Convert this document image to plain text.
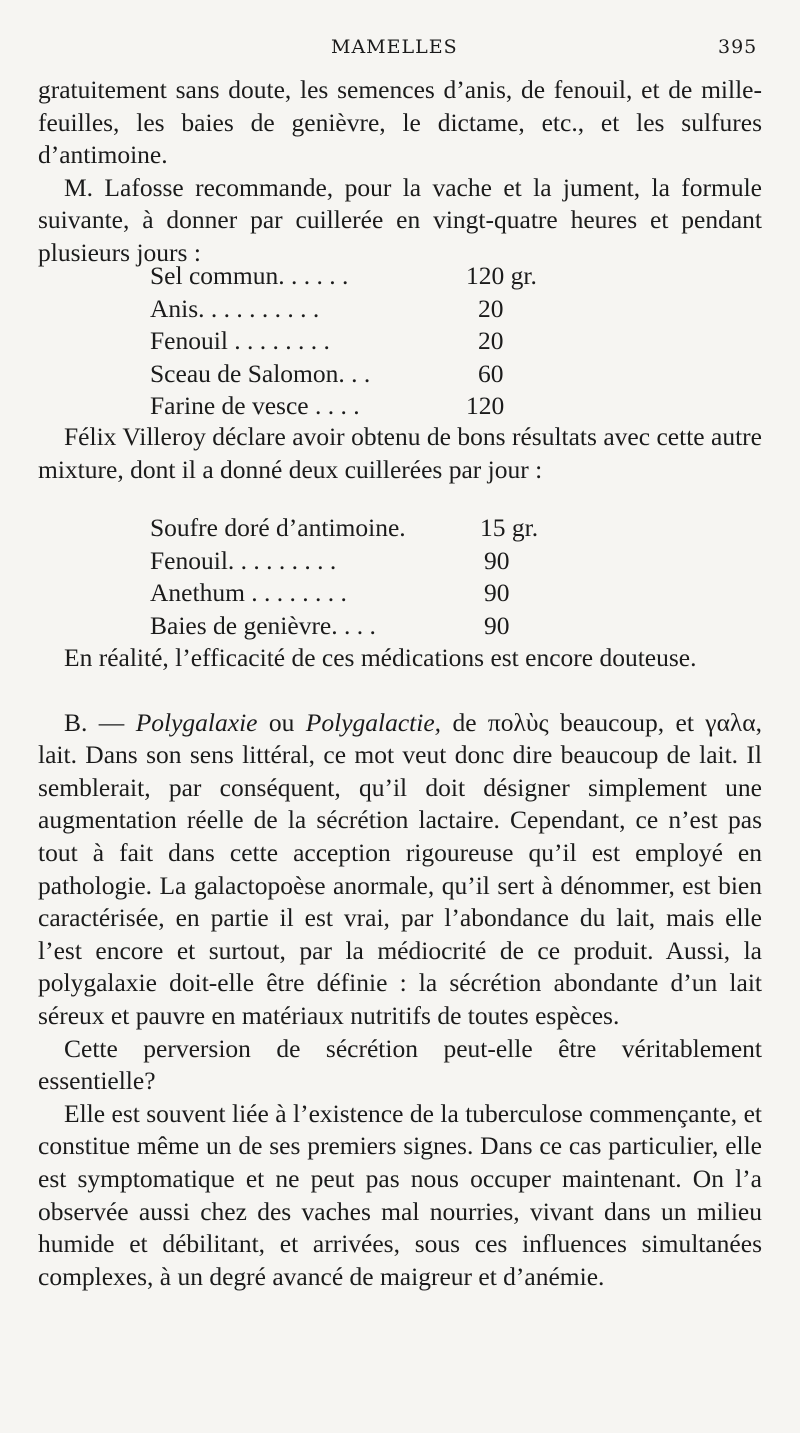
MAMELLES	395

gratuitement sans doute, les semences d’anis, de fenouil, et de mille-feuilles, les baies de genièvre, le dictame, etc., et les sulfures d’antimoine.

M. Lafosse recommande, pour la vache et la jument, la formule suivante, à donner par cuillerée en vingt-quatre heures et pendant plusieurs jours :

Sel commun. . . . . .	120 gr.
Anis. . . . . . . . . .	20
Fenouil . . . . . . . .	20
Sceau de Salomon. . .	60
Farine de vesce . . . .	120

Félix Villeroy déclare avoir obtenu de bons résultats avec cette autre mixture, dont il a donné deux cuillerées par jour :

Soufre doré d’antimoine.	15 gr.
Fenouil. . . . . . . . .	90
Anethum . . . . . . . .	90
Baies de genièvre. . . .	90

En réalité, l’efficacité de ces médications est encore douteuse.

B. — Polygalaxie ou Polygalactie, de πολὺς beaucoup, et γαλα, lait. Dans son sens littéral, ce mot veut donc dire beaucoup de lait. Il semblerait, par conséquent, qu’il doit désigner simplement une augmentation réelle de la sécrétion lactaire. Cependant, ce n’est pas tout à fait dans cette acception rigoureuse qu’il est employé en pathologie. La galactopoèse anormale, qu’il sert à dénommer, est bien caractérisée, en partie il est vrai, par l’abondance du lait, mais elle l’est encore et surtout, par la médiocrité de ce produit. Aussi, la polygalaxie doit-elle être définie : la sécrétion abondante d’un lait séreux et pauvre en matériaux nutritifs de toutes espèces.

Cette perversion de sécrétion peut-elle être véritablement essentielle?

Elle est souvent liée à l’existence de la tuberculose commençante, et constitue même un de ses premiers signes. Dans ce cas particulier, elle est symptomatique et ne peut pas nous occuper maintenant. On l’a observée aussi chez des vaches mal nourries, vivant dans un milieu humide et débilitant, et arrivées, sous ces influences simultanées complexes, à un degré avancé de maigreur et d’anémie.
